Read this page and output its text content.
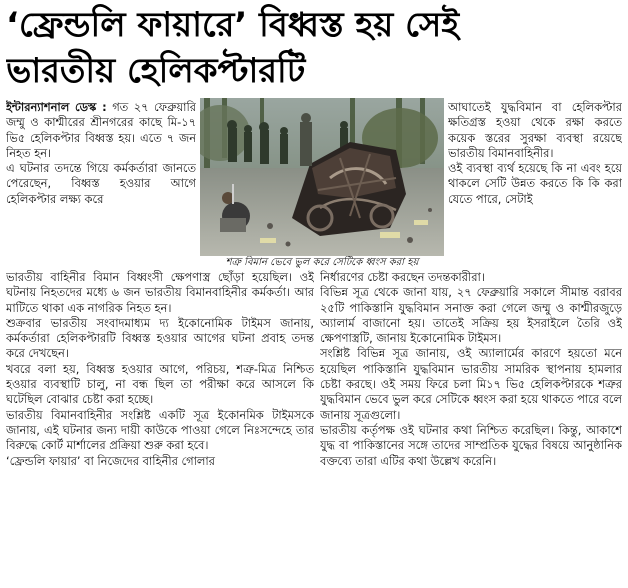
‘ফ্রেন্ডলি ফায়ারে’ বিধ্বস্ত হয় সেই
ভারতীয় হেলিকপ্টারটি
শত্রু বিমান ভেবে ভুল করে সেটিকে ধ্বংস করা হয়

ইন্টারন্যাশনাল ডেস্ক : গত ২৭ ফেব্রুয়ারি জম্মু ও কাশ্মীরের শ্রীনগরের কাছে মি-১৭ ভি৫ হেলিকপ্টার বিধ্বস্ত হয়। এতে ৭ জন নিহত হন।

এ ঘটনার তদন্তে গিয়ে কর্মকর্তারা জানতে পেরেছেন, বিধ্বস্ত হওয়ার আগে হেলিকপ্টার লক্ষ্য করে

আঘাতেই যুদ্ধবিমান বা হেলিকপ্টার ক্ষতিগ্রস্ত হওয়া থেকে রক্ষা করতে কয়েক স্তরের সুরক্ষা ব্যবস্থা রয়েছে ভারতীয় বিমানবাহিনীর।

ওই ব্যবস্থা ব্যর্থ হয়েছে কি না এবং হয়ে থাকলে সেটি উন্নত করতে কি কি করা যেতে পারে, সেটাই

ভারতীয় বাহিনীর বিমান বিধ্বংসী ক্ষেপণাস্ত্র ছোঁড়া হয়েছিল। ওই ঘটনায় নিহতদের মধ্যে ৬ জন ভারতীয় বিমানবাহিনীর কর্মকর্তা। আর মাটিতে থাকা এক নাগরিক নিহত হন।

শুক্রবার ভারতীয় সংবাদমাধ্যম দ্য ইকোনোমিক টাইমস জানায়, কর্মকর্তারা হেলিকপ্টারটি বিধ্বস্ত হওয়ার আগের ঘটনা প্রবাহ তদন্ত করে দেখছেন।

খবরে বলা হয়, বিধ্বস্ত হওয়ার আগে, পরিচয়, শত্রু-মিত্র নিশ্চিত হওয়ার ব্যবস্থাটি চালু, না বন্ধ ছিল তা পরীক্ষা করে আসলে কি ঘটেছিল বোঝার চেষ্টা করা হচ্ছে।

ভারতীয় বিমানবাহিনীর সংশ্লিষ্ট একটি সূত্র ইকোনমিক টাইমসকে জানায়, এই ঘটনার জন্য দায়ী কাউকে পাওয়া গেলে নিঃসন্দেহে তার বিরুদ্ধে কোর্ট মার্শালের প্রক্রিয়া শুরু করা হবে।

‘ফ্রেন্ডলি ফায়ার’ বা নিজেদের বাহিনীর গোলার

নির্ধারণের চেষ্টা করছেন তদন্তকারীরা।

বিভিন্ন সূত্র থেকে জানা যায়, ২৭ ফেব্রুয়ারি সকালে সীমান্ত বরাবর ২৫টি পাকিস্তানি যুদ্ধবিমান সনাক্ত করা গেলে জম্মু ও কাশ্মীরজুড়ে অ্যালার্ম বাজানো হয়। তাতেই সক্রিয় হয় ইসরাইলে তৈরি ওই ক্ষেপণাস্ত্রটি, জানায় ইকোনোমিক টাইমস।

সংশ্লিষ্ট বিভিন্ন সূত্র জানায়, ওই অ্যালার্মের কারণে হয়তো মনে হয়েছিল পাকিস্তানি যুদ্ধবিমান ভারতীয় সামরিক স্থাপনায় হামলার চেষ্টা করছে। ওই সময় ফিরে চলা মি১৭ ভি৫ হেলিকপ্টারকে শত্রুর যুদ্ধবিমান ভেবে ভুল করে সেটিকে ধ্বংস করা হয়ে থাকতে পারে বলে জানায় সূত্রগুলো।

ভারতীয় কর্তৃপক্ষ ওই ঘটনার কথা নিশ্চিত করেছিল। কিন্তু, আকাশে যুদ্ধ বা পাকিস্তানের সঙ্গে তাদের সাম্প্রতিক যুদ্ধের বিষয়ে আনুষ্ঠানিক বক্তব্যে তারা এটির কথা উল্লেখ করেনি।
